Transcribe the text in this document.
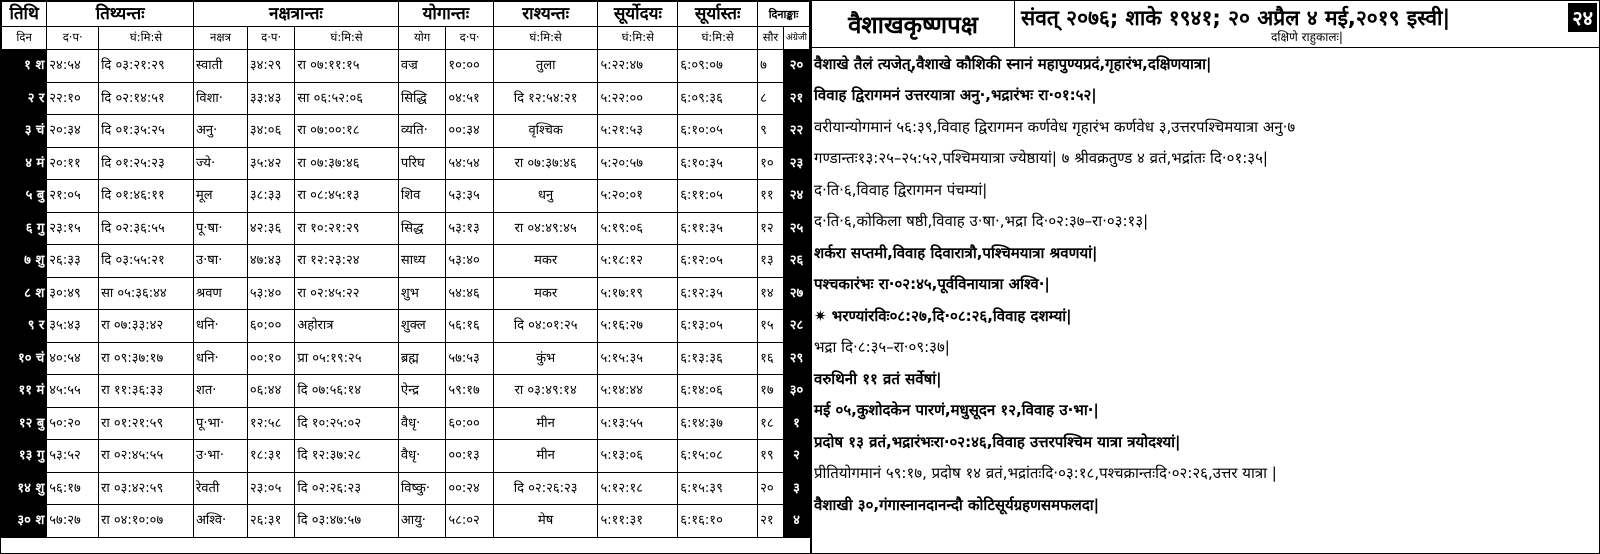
तिथि	तिथ्यन्तः		नक्षत्रान्तः			योगान्तः		राश्यन्तः	सूर्योदयः	सूर्यास्तः	दिनाङ्काः	
दिन	द·प·	घं:मि:से	नक्षत्र	द·प·	घं:मि:से	योग	द·प·	घं:मि:से	घं:मि:से	घं:मि:से	सौर	अंग्रेजी
१ श	२४:५४	दि ०३:२१:२९	स्वाती	३४:२९	रा ०७:११:१५	वज्र	१०:००	तुला	५:२२:४७	६:०९:०७	७	२०
२ र	२२:१०	दि ०२:१४:५१	विशा·	३३:४३	सा ०६:५२:०६	सिद्धि	०४:५१	दि १२:५४:२१	५:२२:००	६:०९:३६	८	२१
३ चं	२०:३४	दि ०१:३५:२५	अनु·	३४:०६	रा ०७:००:१८	व्यति·	००:३४	वृश्चिक	५:२१:५३	६:१०:०५	९	२२
४ मं	२०:११	दि ०१:२५:२३	ज्ये·	३५:४२	रा ०७:३७:४६	परिघ	५४:५४	रा ०७:३७:४६	५:२०:५७	६:१०:३५	१०	२३
५ बु	२१:०५	दि ०१:४६:११	मूल	३८:३३	रा ०८:४५:१३	शिव	५३:३५	धनु	५:२०:०१	६:११:०५	११	२४
६ गु	२३:१५	दि ०२:३६:५५	पू·षा·	४२:३६	रा १०:२१:२९	सिद्ध	५३:१३	रा ०४:४९:४५	५:१९:०६	६:११:३५	१२	२५
७ शु	२६:३३	दि ०३:५५:२१	उ·षा·	४७:४३	रा १२:२३:२४	साध्य	५३:४०	मकर	५:१८:१२	६:१२:०५	१३	२६
८ श	३०:४९	सा ०५:३६:४४	श्रवण	५३:४०	रा ०२:४५:२२	शुभ	५४:४६	मकर	५:१७:१९	६:१२:३५	१४	२७
९ र	३५:४३	रा ०७:३३:४२	धनि·	६०:००	अहोरात्र	शुक्ल	५६:१६	दि ०४:०१:२५	५:१६:२७	६:१३:०५	१५	२८
१० चं	४०:५४	रा ०९:३७:१७	धनि·	००:१०	प्रा ०५:१९:२५	ब्रह्म	५७:५३	कुंभ	५:१५:३५	६:१३:३६	१६	२९
११ मं	४५:५५	रा ११:३६:३३	शत·	०६:४४	दि ०७:५६:१४	ऐन्द्र	५९:१७	रा ०३:४९:१४	५:१४:४४	६:१४:०६	१७	३०
१२ बु	५०:२०	रा ०१:२१:५९	पू·भा·	१२:५८	दि १०:२५:०२	वैधृ·	६०:००	मीन	५:१३:५५	६:१४:३७	१८	१
१३ गु	५३:५२	रा ०२:४५:५५	उ·भा·	१८:३१	दि १२:३७:२८	वैधृ·	००:१३	मीन	५:१३:०६	६:१५:०८	१९	२
१४ शु	५६:१७	रा ०३:४२:५९	रेवती	२३:०५	दि ०२:२६:२३	विष्कु·	००:२४	दि ०२:२६:२३	५:१२:१८	६:१५:३९	२०	३
३० श	५७:२७	रा ०४:१०:०७	अश्वि·	२६:३१	दि ०३:४७:५७	आयु·	५८:०२	मेष	५:११:३१	६:१६:१०	२१	४
वैशाखकृष्णपक्ष	संवत् २०७६; शाके १९४१; २० अप्रैल ४ मई,२०१९ इस्वी|
दक्षिणे राहुकालः|
२४
वैशाखे तैलं त्यजेत्,वैशाखे कौशिकी स्नानं महापुण्यप्रदं,गृहारंभ,दक्षिणयात्रा|
विवाह द्विरागमनं उत्तरयात्रा अनु·,भद्रारंभः रा·०१:५२|
वरीयान्योगमानं ५६:३९,विवाह द्विरागमन कर्णवेध गृहारंभ कर्णवेध ३,उत्तरपश्चिमयात्रा अनु·७
गण्डान्तः१३:२५–२५:५२,पश्चिमयात्रा ज्येष्ठायां| ७ श्रीवक्रतुण्ड ४ व्रतं,भद्रांतः दि·०१:३५|
द·ति·६,विवाह द्विरागमन पंचम्यां|
द·ति·६,कोकिला षष्ठी,विवाह उ·षा·,भद्रा दि·०२:३७–रा·०३:१३|
शर्करा सप्तमी,विवाह दिवारात्रौ,पश्चिमयात्रा श्रवणयां|
पश्चकारंभः रा·०२:४५,पूर्वविनायात्रा अश्वि·|
✷ भरण्यांरविः०८:२७,दि·०८:२६,विवाह दशम्यां|
भद्रा दि·८:३५–रा·०९:३७|
वरुथिनी ११ व्रतं सर्वेषां|
मई ०५,कुशोदकेन पारणं,मधुसूदन १२,विवाह उ·भा·|
प्रदोष १३ व्रतं,भद्रारंभःरा·०२:४६,विवाह उत्तरपश्चिम यात्रा त्रयोदश्यां|
प्रीतियोगमानं ५९:१७, प्रदोष १४ व्रतं,भद्रांतःदि·०३:१८,पश्चक्रान्तःदि·०२:२६,उत्तर यात्रा |
वैशाखी ३०,गंगास्नानदानन्दौ कोटिसूर्यग्रहणसमफलदा|
